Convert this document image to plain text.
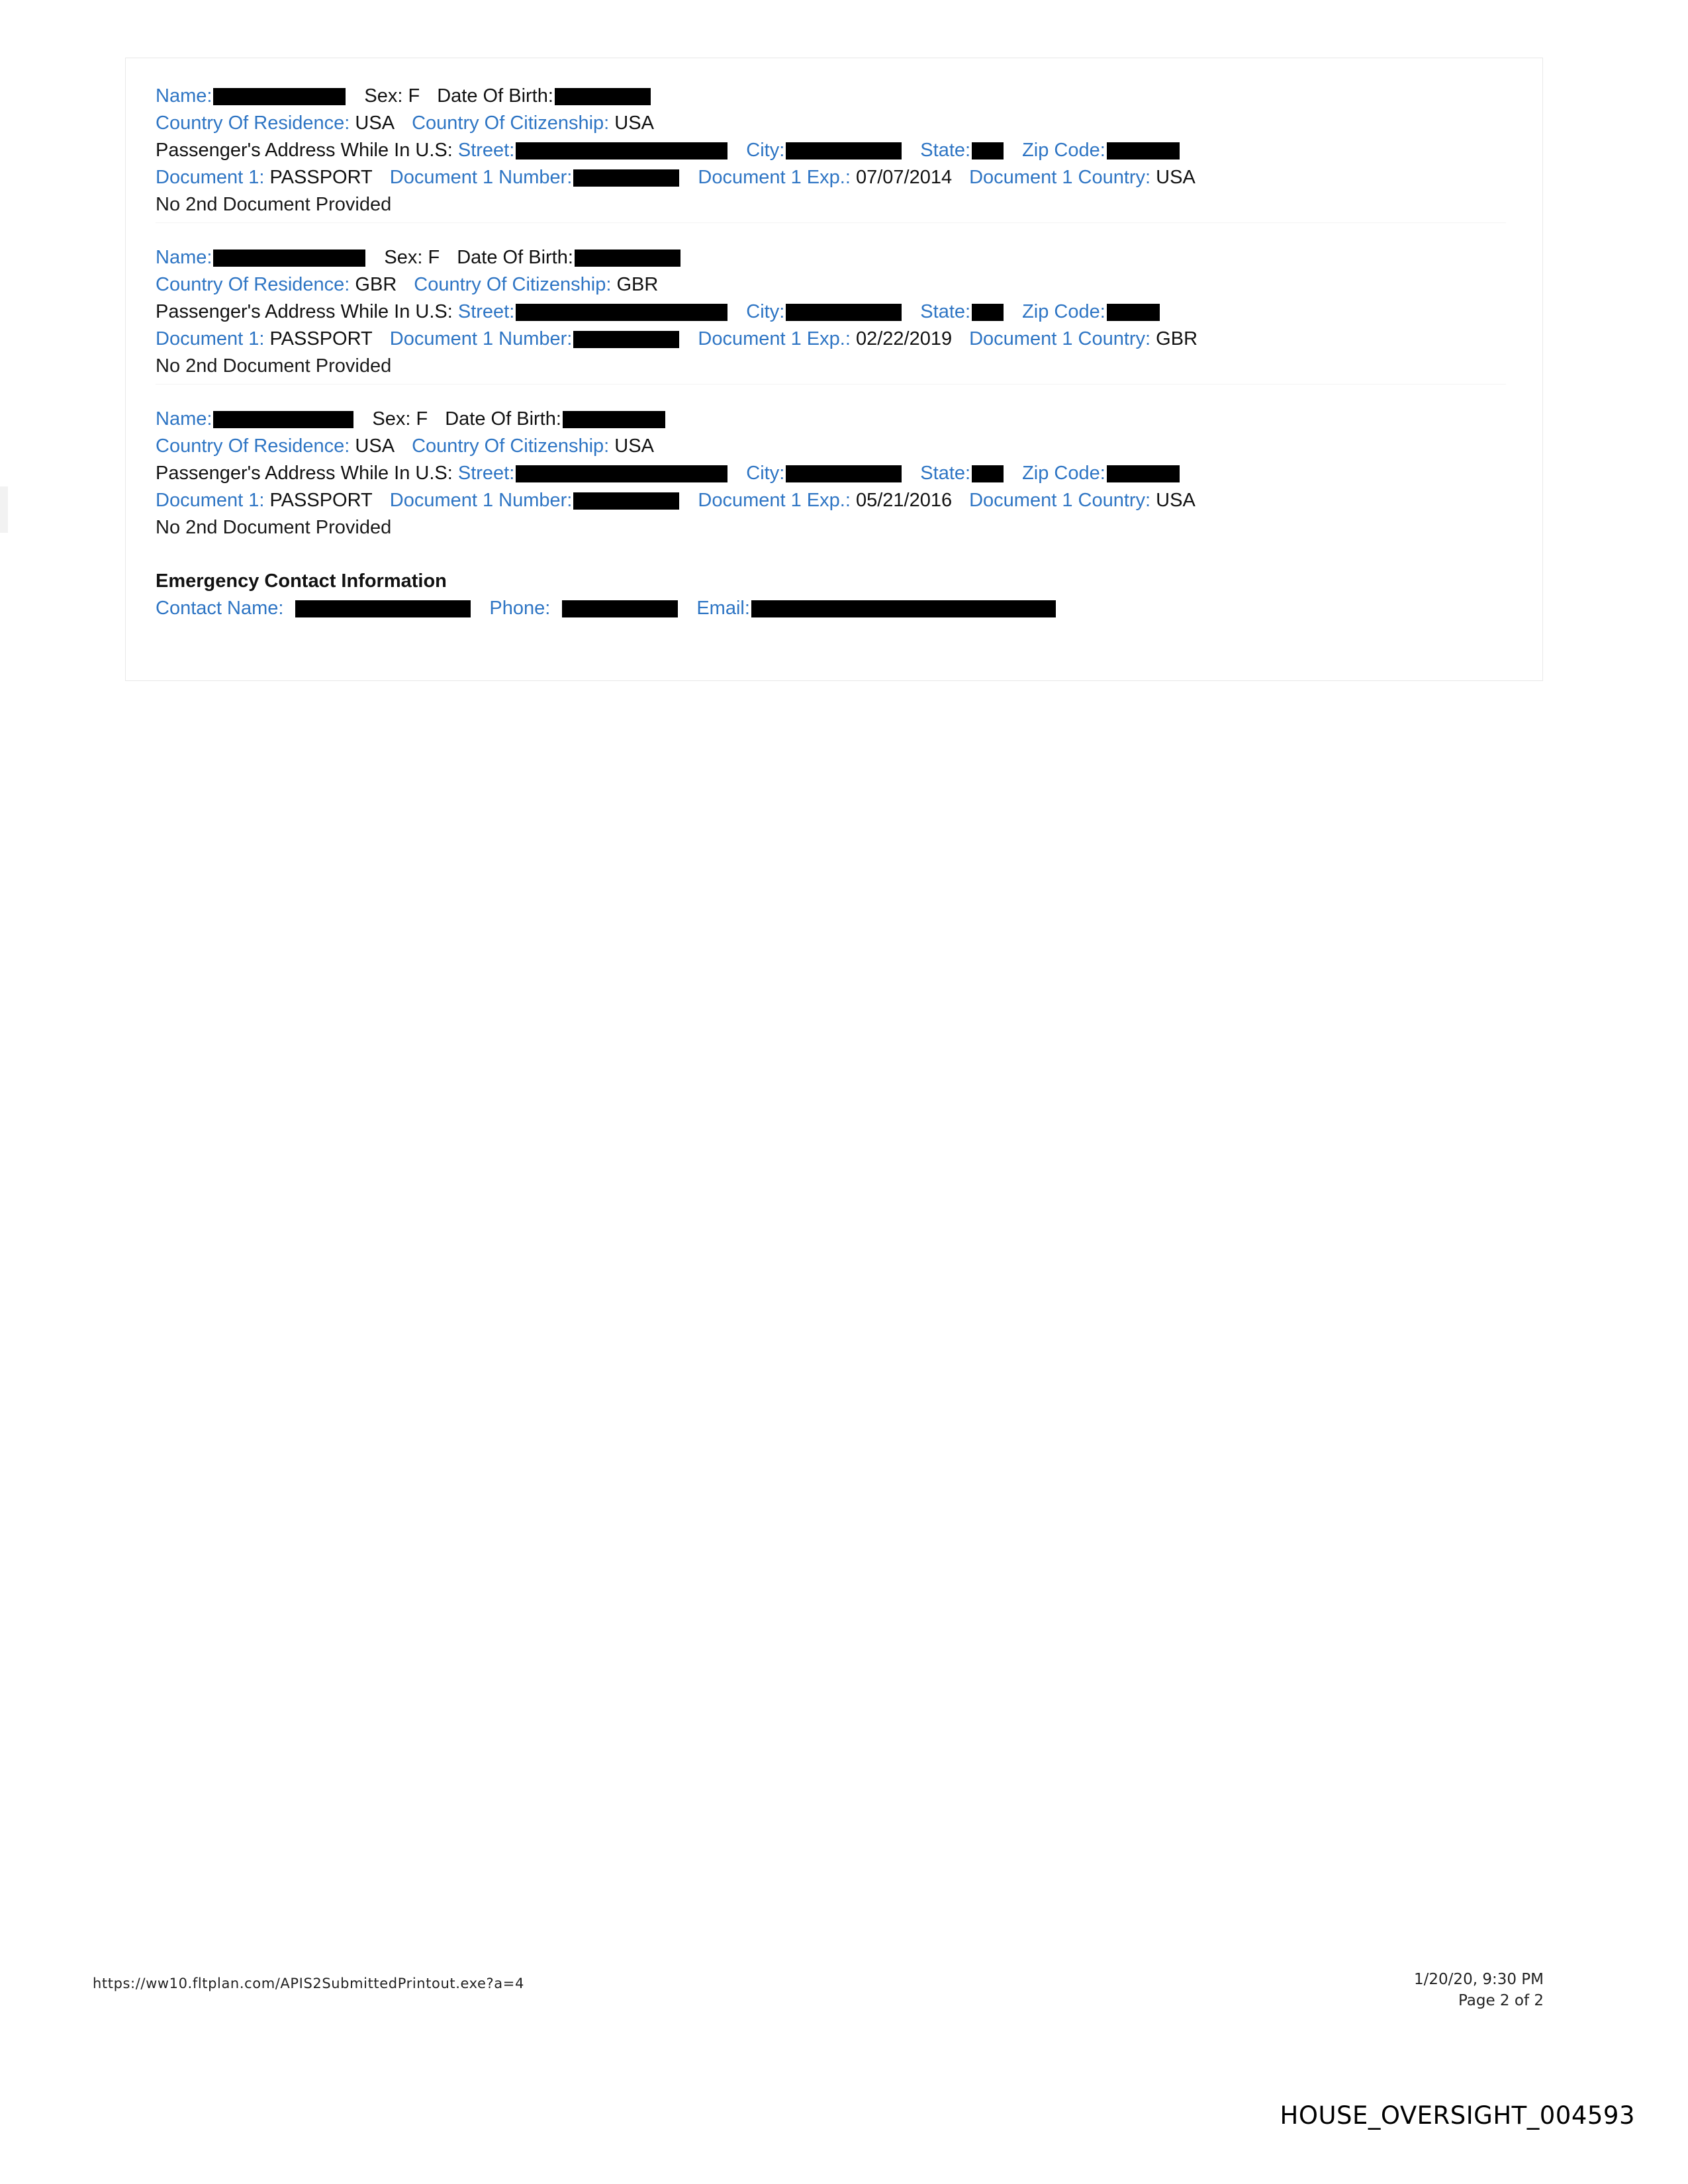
Name:	Sex: F Date Of Birth:
Country Of Residence: USA Country Of Citizenship: USA
Passenger's Address While In U.S: Street:	City:	State:	Zip Code:
Document 1: PASSPORT Document 1 Number:	Document 1 Exp.: 07/07/2014 Document 1 Country: USA
No 2nd Document Provided
Name:	Sex: F Date Of Birth:
Country Of Residence: GBR Country Of Citizenship: GBR
Passenger's Address While In U.S: Street:	City:	State:	Zip Code:
Document 1: PASSPORT Document 1 Number:	Document 1 Exp.: 02/22/2019 Document 1 Country: GBR
No 2nd Document Provided
Name:	Sex: F Date Of Birth:
Country Of Residence: USA Country Of Citizenship: USA
Passenger's Address While In U.S: Street:	City:	State:	Zip Code:
Document 1: PASSPORT Document 1 Number:	Document 1 Exp.: 05/21/2016 Document 1 Country: USA
No 2nd Document Provided
Emergency Contact Information
Contact Name:	Phone:	Email:
https://ww10.fltplan.com/APIS2SubmittedPrintout.exe?a=4	1/20/20, 9:30 PM
Page 2 of 2
HOUSE_OVERSIGHT_004593
